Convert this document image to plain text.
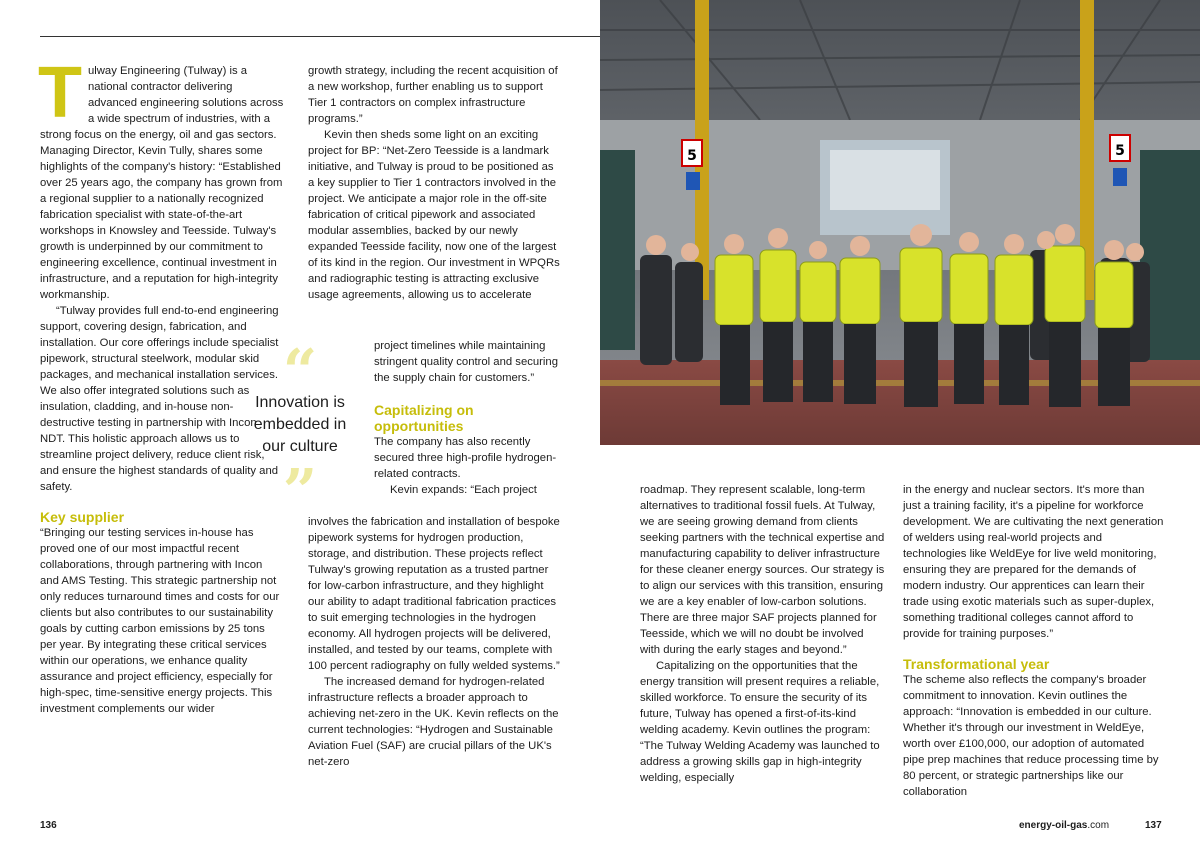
5	5
T ulway Engineering (Tulway) is a national contractor delivering advanced engineering solutions across a wide spectrum of industries, with a strong focus on the energy, oil and gas sectors. Managing Director, Kevin Tully, shares some highlights of the company's history: “Established over 25 years ago, the company has grown from a regional supplier to a nationally recognized fabrication specialist with state-of-the-art workshops in Knowsley and Teesside. Tulway's growth is underpinned by our commitment to engineering excellence, continual investment in infrastructure, and a reputation for high-integrity workmanship.

“Tulway provides full end-to-end engineering support, covering design, fabrication, and installation. Our core offerings include specialist pipework, structural steelwork, modular skid packages, and mechanical installation services. We also offer integrated solutions such as insulation, cladding, and in-house non-destructive testing in partnership with Incon NDT. This holistic approach allows us to streamline project delivery, reduce client risk, and ensure the highest standards of quality and safety.

Key supplier

“Bringing our testing services in-house has proved one of our most impactful recent collaborations, through partnering with Incon and AMS Testing. This strategic partnership not only reduces turnaround times and costs for our clients but also contributes to our sustainability goals by cutting carbon emissions by 25 tons per year. By integrating these critical services within our operations, we enhance quality assurance and project efficiency, especially for high-spec, time-sensitive energy projects. This investment complements our wider

growth strategy, including the recent acquisition of a new workshop, further enabling us to support Tier 1 contractors on complex infrastructure programs.”

Kevin then sheds some light on an exciting project for BP: “Net-Zero Teesside is a landmark initiative, and Tulway is proud to be positioned as a key supplier to Tier 1 contractors involved in the project. We anticipate a major role in the off-site fabrication of critical pipework and associated modular assemblies, backed by our newly expanded Teesside facility, now one of the largest of its kind in the region. Our investment in WPQRs and radiographic testing is attracting exclusive usage agreements, allowing us to accelerate

project timelines while maintaining stringent quality control and securing the supply chain for customers.”

Capitalizing on opportunities

The company has also recently secured three high-profile hydrogen-related contracts.

Kevin expands: “Each project

involves the fabrication and installation of bespoke pipework systems for hydrogen production, storage, and distribution. These projects reflect Tulway's growing reputation as a trusted partner for low-carbon infrastructure, and they highlight our ability to adapt traditional fabrication practices to suit emerging technologies in the hydrogen economy. All hydrogen projects will be delivered, installed, and tested by our teams, complete with 100 percent radiography on fully welded systems.”

The increased demand for hydrogen-related infrastructure reflects a broader approach to achieving net-zero in the UK. Kevin reflects on the current technologies: “Hydrogen and Sustainable Aviation Fuel (SAF) are crucial pillars of the UK's net-zero

“
Innovation is embedded in our culture
”	roadmap. They represent scalable, long-term alternatives to traditional fossil fuels. At Tulway, we are seeing growing demand from clients seeking partners with the technical expertise and manufacturing capability to deliver infrastructure for these cleaner energy sources. Our strategy is to align our services with this transition, ensuring we are a key enabler of low-carbon solutions. There are three major SAF projects planned for Teesside, which we will no doubt be involved with during the early stages and beyond.”

Capitalizing on the opportunities that the energy transition will present requires a reliable, skilled workforce. To ensure the security of its future, Tulway has opened a first-of-its-kind welding academy. Kevin outlines the program: “The Tulway Welding Academy was launched to address a growing skills gap in high-integrity welding, especially

in the energy and nuclear sectors. It's more than just a training facility, it's a pipeline for workforce development. We are cultivating the next generation of welders using real-world projects and technologies like WeldEye for live weld monitoring, ensuring they are prepared for the demands of modern industry. Our apprentices can learn their trade using exotic materials such as super-duplex, something traditional colleges cannot afford to provide for training purposes.”

Transformational year

The scheme also reflects the company's broader commitment to innovation. Kevin outlines the approach: “Innovation is embedded in our culture. Whether it's through our investment in WeldEye, worth over £100,000, our adoption of automated pipe prep machines that reduce processing time by 80 percent, or strategic partnerships like our collaboration

136	energy-oil-gas.com	137
